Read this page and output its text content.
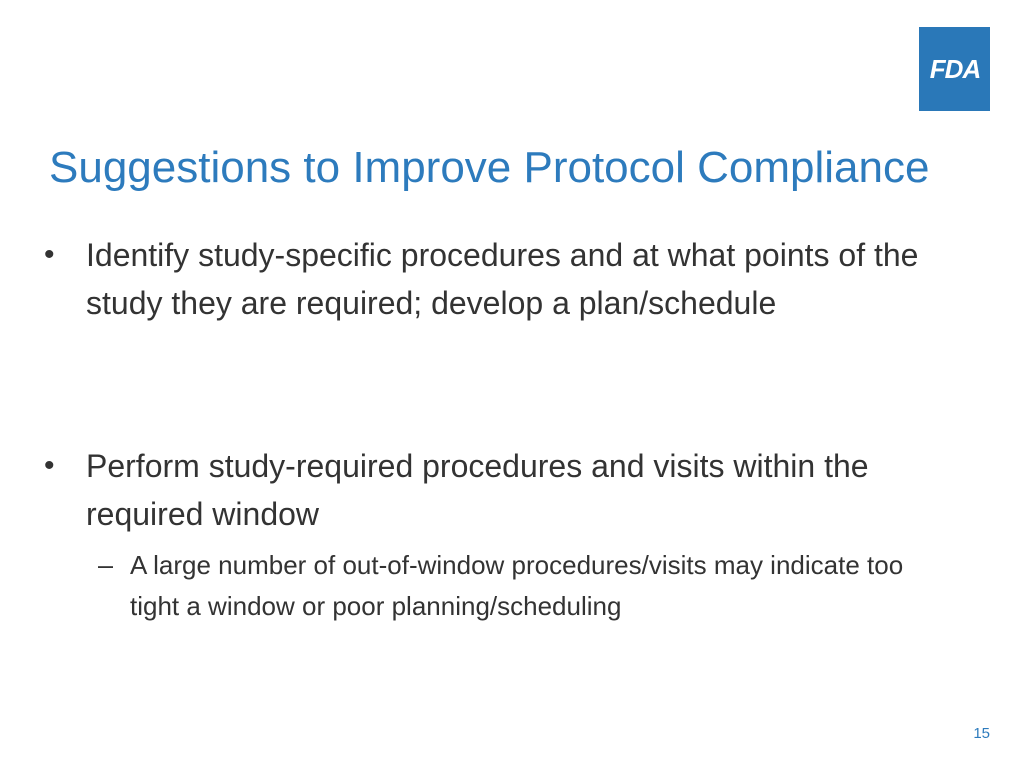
FDA
Suggestions to Improve Protocol Compliance
• Identify study-specific procedures and at what points of the study they are required; develop a plan/schedule
• Perform study-required procedures and visits within the required window
– A large number of out-of-window procedures/visits may indicate too tight a window or poor planning/scheduling
15
